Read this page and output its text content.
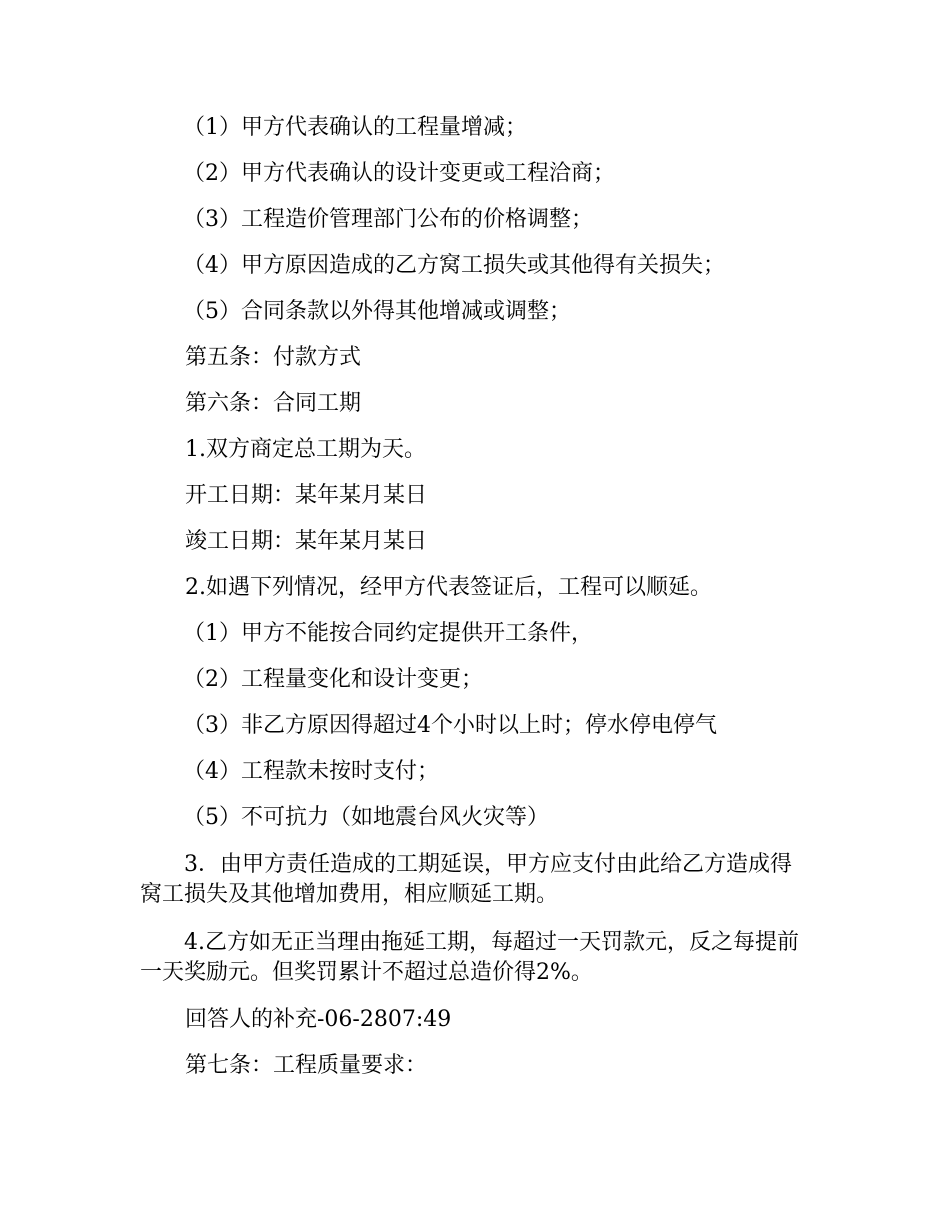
（1）甲方代表确认的工程量增减；
（2）甲方代表确认的设计变更或工程洽商；
（3）工程造价管理部门公布的价格调整；
（4）甲方原因造成的乙方窝工损失或其他得有关损失；
（5）合同条款以外得其他增减或调整；
第五条：付款方式
第六条：合同工期
1.双方商定总工期为天。
开工日期：某年某月某日
竣工日期：某年某月某日
2.如遇下列情况，经甲方代表签证后，工程可以顺延。
（1）甲方不能按合同约定提供开工条件，
（2）工程量变化和设计变更；
（3）非乙方原因得超过4个小时以上时；停水停电停气
（4）工程款未按时支付；
（5）不可抗力（如地震台风火灾等）
3．由甲方责任造成的工期延误，甲方应支付由此给乙方造成得窝工损失及其他增加费用，相应顺延工期。
4.乙方如无正当理由拖延工期，每超过一天罚款元，反之每提前一天奖励元。但奖罚累计不超过总造价得2%。
回答人的补充-06-2807:49
第七条：工程质量要求：
